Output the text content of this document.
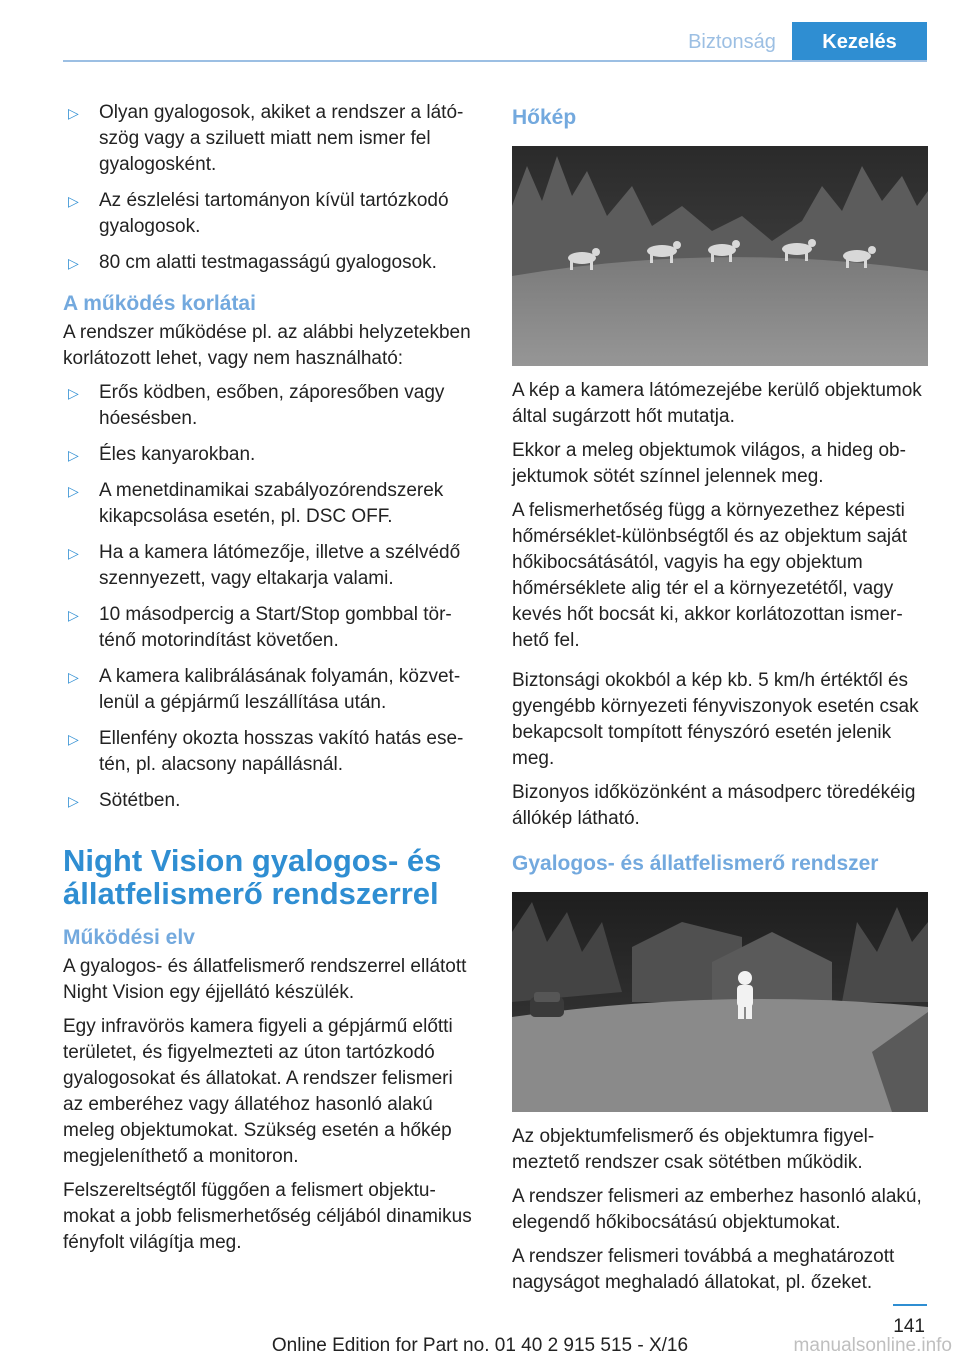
Biztonság	Kezelés
▷ Olyan gyalogosok, akiket a rendszer a látószög vagy a sziluett miatt nem ismer fel gyalogosként.
▷ Az észlelési tartományon kívül tartózkodó gyalogosok.
▷ 80 cm alatti testmagasságú gyalogosok.
A működés korlátai

A rendszer működése pl. az alábbi helyzetekben korlátozott lehet, vagy nem használható:

▷ Erős ködben, esőben, záporesőben vagy hóesésben.
▷ Éles kanyarokban.
▷ A menetdinamikai szabályozórendszerek kikapcsolása esetén, pl. DSC OFF.
▷ Ha a kamera látómezője, illetve a szélvédő szennyezett, vagy eltakarja valami.
▷ 10 másodpercig a Start/Stop gombbal történő motorindítást követően.
▷ A kamera kalibrálásának folyamán, közvetlenül a gépjármű leszállítása után.
▷ Ellenfény okozta hosszas vakító hatás esetén, pl. alacsony napállásnál.
▷ Sötétben.
Night Vision gyalogos- és állatfelismerő rendszerrel
Működési elv

A gyalogos- és állatfelismerő rendszerrel ellátott Night Vision egy éjjellátó készülék.

Egy infravörös kamera figyeli a gépjármű előtti területet, és figyelmezteti az úton tartózkodó gyalogosokat és állatokat. A rendszer felismeri az emberéhez vagy állatéhoz hasonló alakú meleg objektumokat. Szükség esetén a hőkép megjeleníthető a monitoron.

Felszereltségtől függően a felismert objektumokat a jobb felismerhetőség céljából dinamikus fényfolt világítja meg.

Hőkép

A kép a kamera látómezejébe kerülő objektumok által sugárzott hőt mutatja.

Ekkor a meleg objektumok világos, a hideg objektumok sötét színnel jelennek meg.

A felismerhetőség függ a környezethez képesti hőmérséklet-különbségtől és az objektum saját hőkibocsátásától, vagyis ha egy objektum hőmérséklete alig tér el a környezetétől, vagy kevés hőt bocsát ki, akkor korlátozottan ismerhető fel.

Biztonsági okokból a kép kb. 5 km/h értéktől és gyengébb környezeti fényviszonyok esetén csak bekapcsolt tompított fényszóró esetén jelenik meg.

Bizonyos időközönként a másodperc töredékéig állókép látható.

Gyalogos- és állatfelismerő rendszer

Az objektumfelismerő és objektumra figyelmeztető rendszer csak sötétben működik.

A rendszer felismeri az emberhez hasonló alakú, elegendő hőkibocsátású objektumokat.

A rendszer felismeri továbbá a meghatározott nagyságot meghaladó állatokat, pl. őzeket.

141
Online Edition for Part no. 01 40 2 915 515 - X/16	manualsonline.info
